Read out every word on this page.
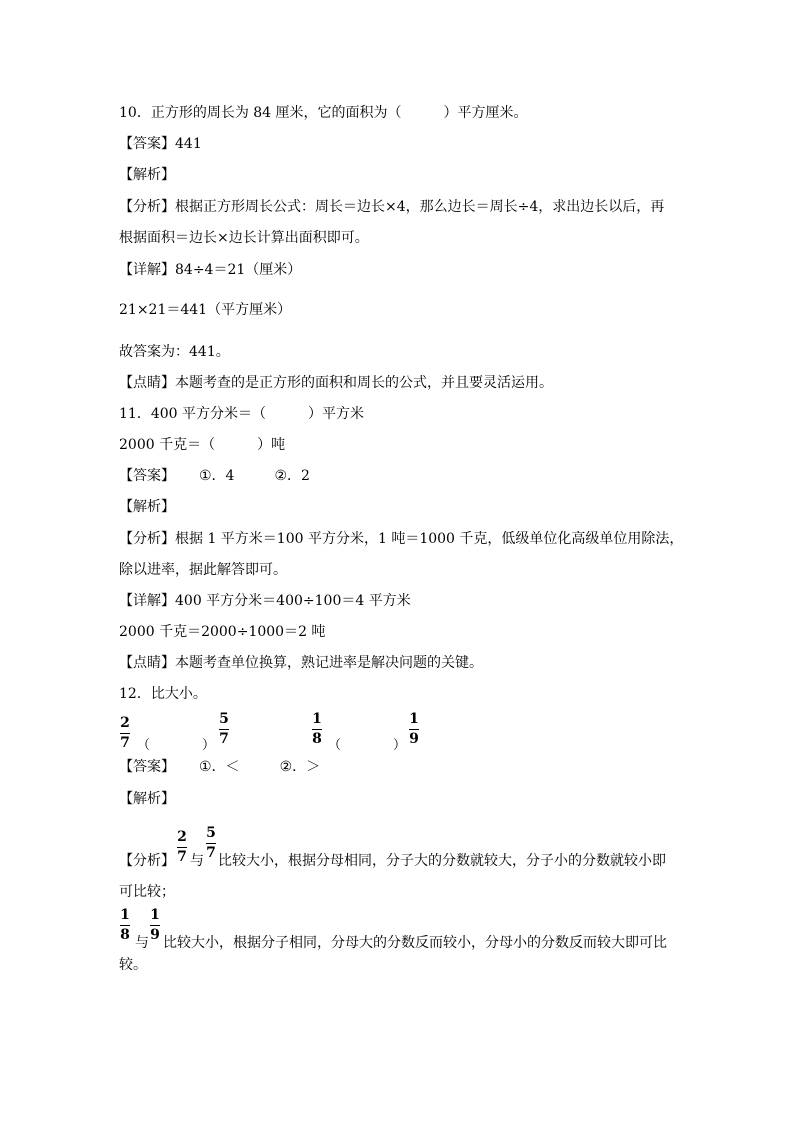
10．正方形的周长为 84 厘米，它的面积为（　　　）平方厘米。
【答案】441
【解析】
【分析】根据正方形周长公式：周长＝边长×4，那么边长＝周长÷4，求出边长以后，再
根据面积＝边长×边长计算出面积即可。
【详解】84÷4＝21（厘米）
21×21＝441（平方厘米）
故答案为：441。
【点睛】本题考查的是正方形的面积和周长的公式，并且要灵活运用。
11．400 平方分米＝（　　　）平方米
2000 千克＝（　　　）吨
【答案】 ①．4	②．2
【解析】
【分析】根据 1 平方米＝100 平方分米，1 吨＝1000 千克，低级单位化高级单位用除法，
除以进率，据此解答即可。
【详解】400 平方分米＝400÷100＝4 平方米
2000 千克＝2000÷1000＝2 吨
【点睛】本题考查单位换算，熟记进率是解决问题的关键。
12．比大小。
2
7 （　　　　）
5
7
1
8 （　　　　）
1
9
【答案】 ①．＜	②．＞
【解析】
【分析】
2
7 与
5
7 比较大小，根据分母相同，分子大的分数就较大，分子小的分数就较小即
可比较；
1
8 与
1
9 比较大小，根据分子相同，分母大的分数反而较小，分母小的分数反而较大即可比
较。
